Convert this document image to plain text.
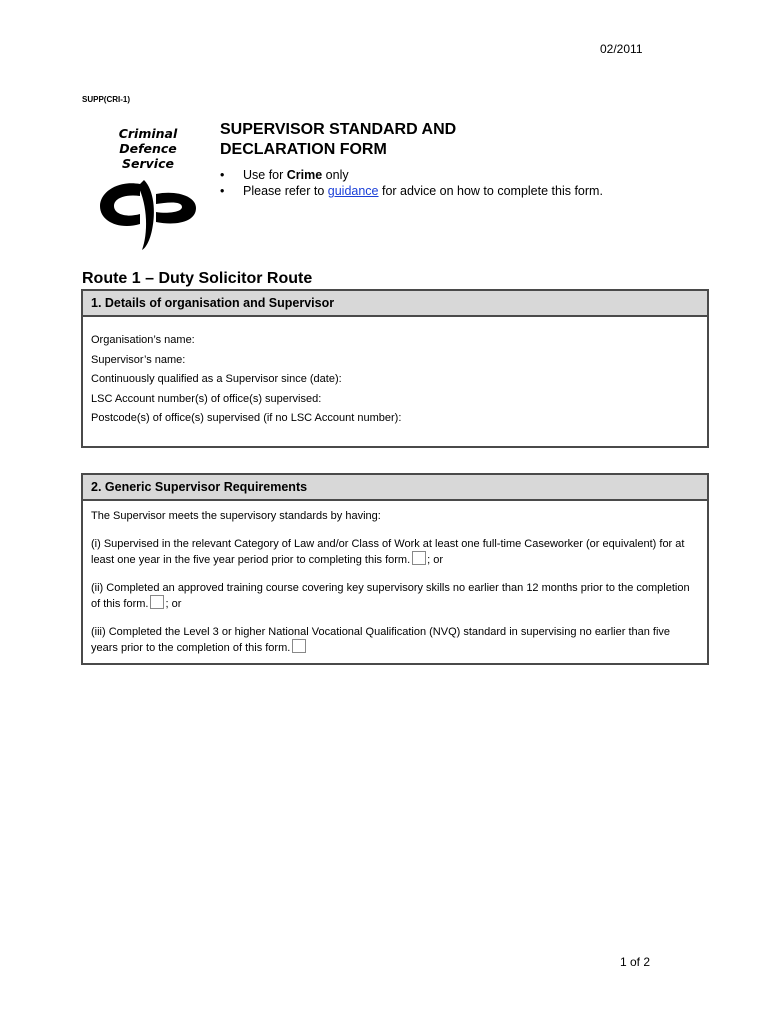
02/2011
SUPP(CRI-1)
Criminal
Defence Service
SUPERVISOR STANDARD AND
DECLARATION FORM
• Use for Crime only
• Please refer to guidance for advice on how to complete this form.
Route 1 – Duty Solicitor Route
1. Details of organisation and Supervisor
Organisation’s name:
Supervisor’s name:
Continuously qualified as a Supervisor since (date):
LSC Account number(s) of office(s) supervised:
Postcode(s) of office(s) supervised (if no LSC Account number):
2. Generic Supervisor Requirements

The Supervisor meets the supervisory standards by having:

(i) Supervised in the relevant Category of Law and/or Class of Work at least one full-time Caseworker (or equivalent) for at least one year in the five year period prior to completing this form. ; or

(ii) Completed an approved training course covering key supervisory skills no earlier than 12 months prior to the completion of this form. ; or

(iii) Completed the Level 3 or higher National Vocational Qualification (NVQ) standard in supervising no earlier than five years prior to the completion of this form.

1 of 2
